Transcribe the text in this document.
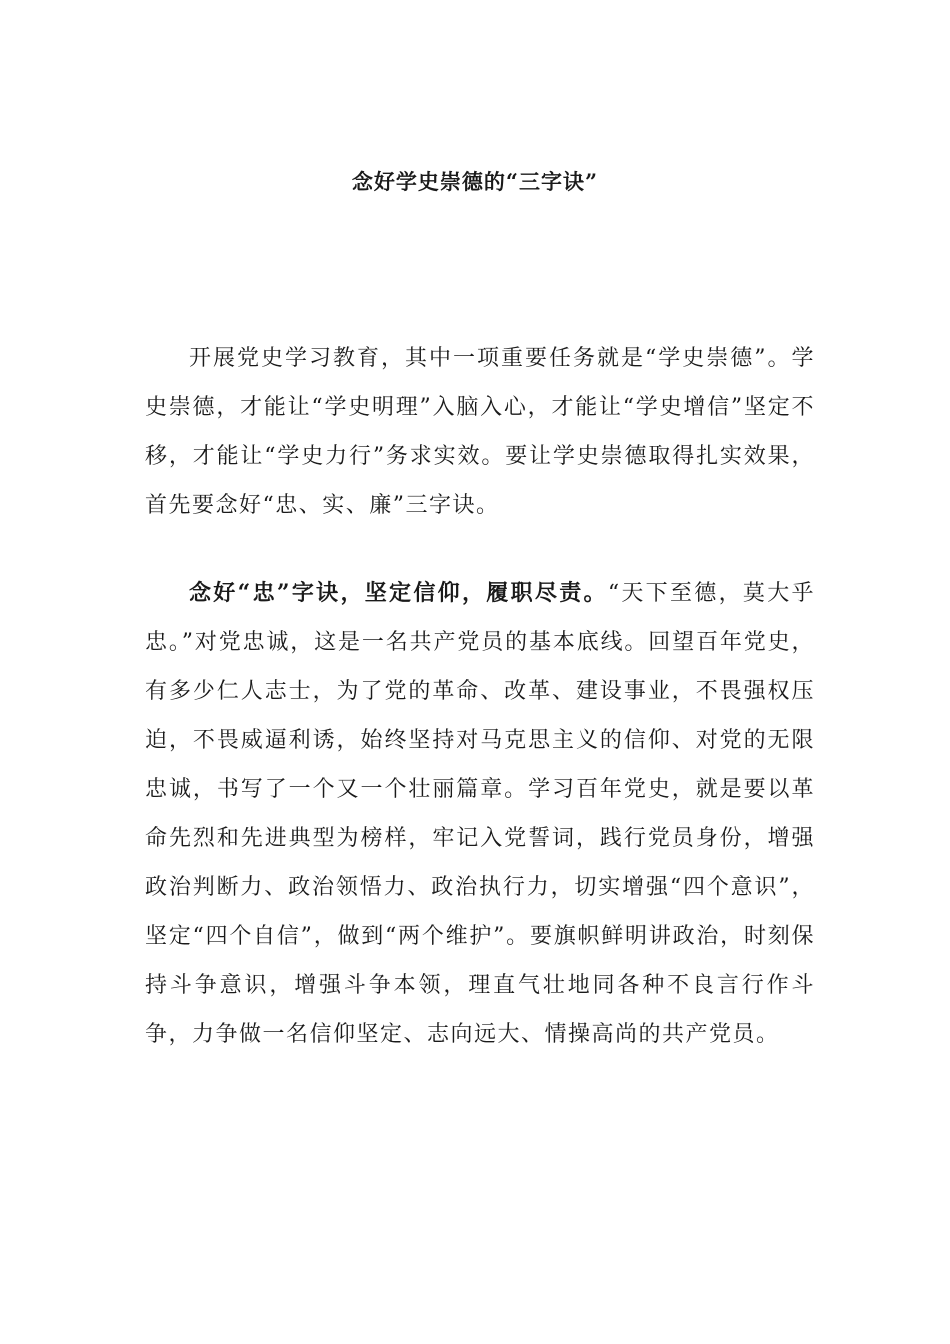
念好学史崇德的“三字诀”

开展党史学习教育，其中一项重要任务就是“学史崇德”。学史崇德，才能让“学史明理”入脑入心，才能让“学史增信”坚定不移，才能让“学史力行”务求实效。要让学史崇德取得扎实效果，首先要念好“忠、实、廉”三字诀。

念好“忠”字诀，坚定信仰，履职尽责。“天下至德，莫大乎忠。”对党忠诚，这是一名共产党员的基本底线。回望百年党史，有多少仁人志士，为了党的革命、改革、建设事业，不畏强权压迫，不畏威逼利诱，始终坚持对马克思主义的信仰、对党的无限忠诚，书写了一个又一个壮丽篇章。学习百年党史，就是要以革命先烈和先进典型为榜样，牢记入党誓词，践行党员身份，增强政治判断力、政治领悟力、政治执行力，切实增强“四个意识”，坚定“四个自信”，做到“两个维护”。要旗帜鲜明讲政治，时刻保持斗争意识，增强斗争本领，理直气壮地同各种不良言行作斗争，力争做一名信仰坚定、志向远大、情操高尚的共产党员。
